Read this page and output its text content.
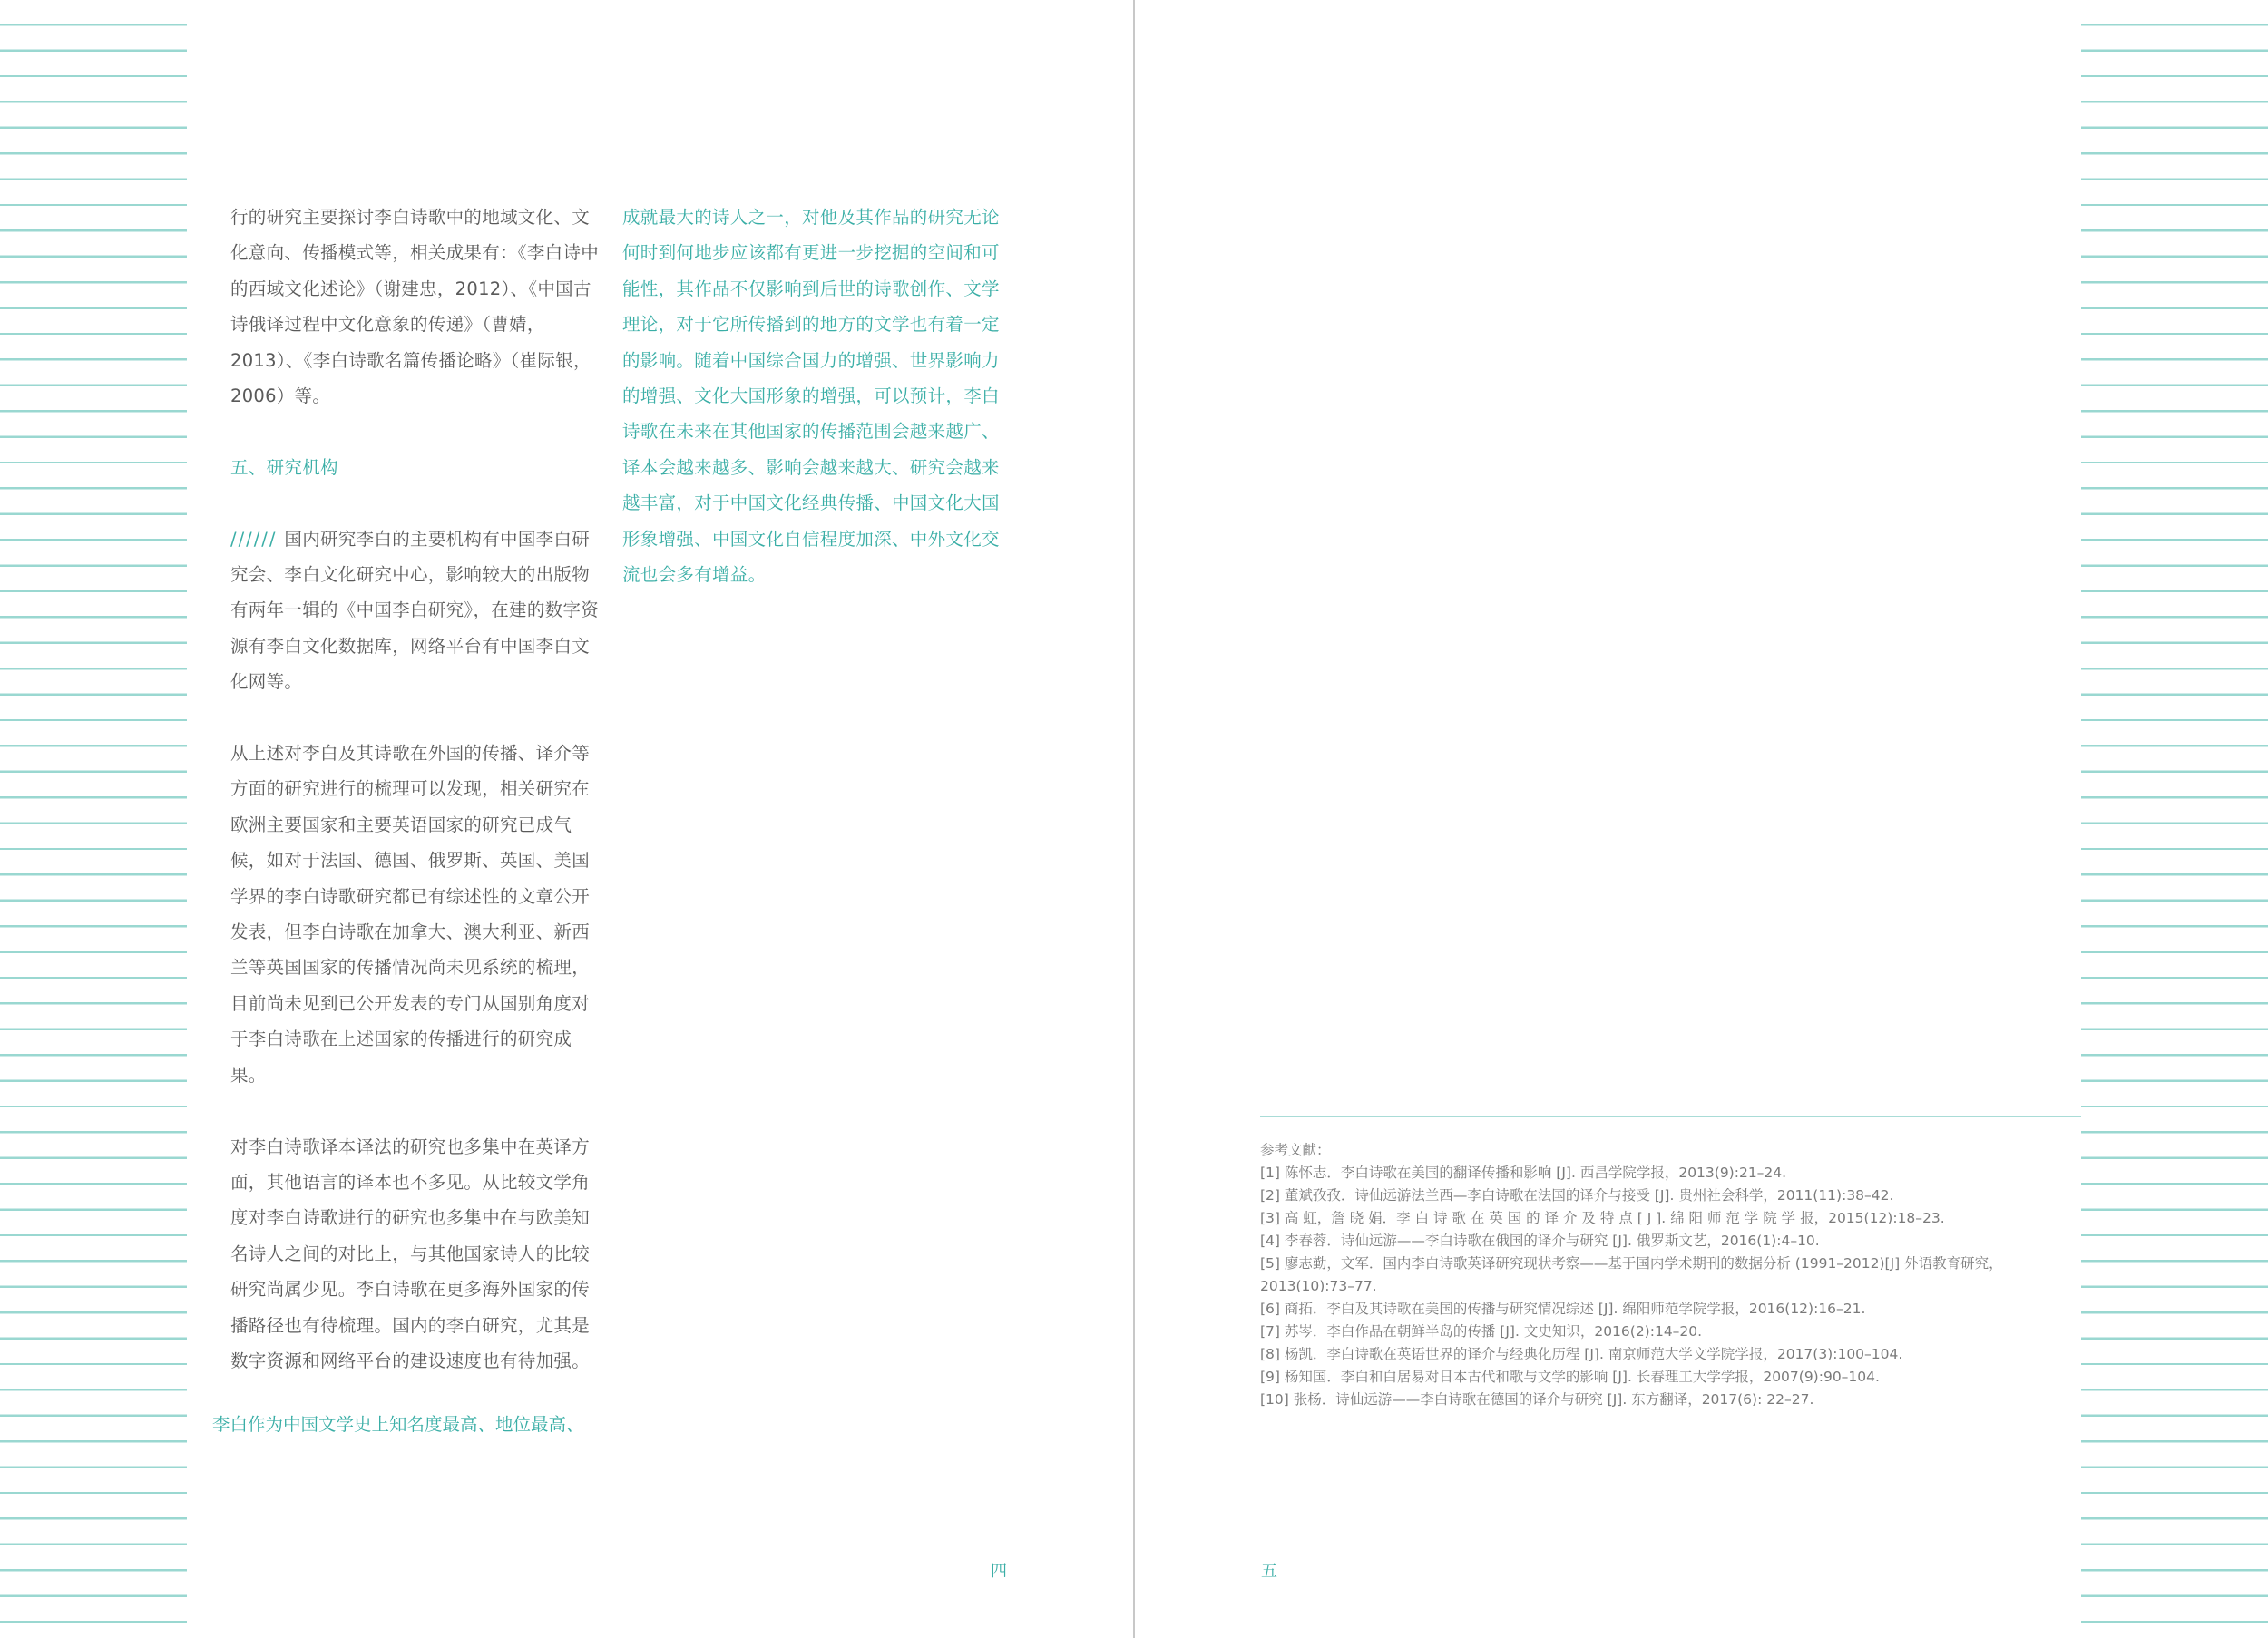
行的研究主要探讨李白诗歌中的地域文化、文化意向、传播模式等，相关成果有：《李白诗中的西域文化述论》（谢建忠，2012）、《中国古诗俄译过程中文化意象的传递》（曹婧，2013）、《李白诗歌名篇传播论略》（崔际银，2006）等。

五、研究机构

////// 国内研究李白的主要机构有中国李白研究会、李白文化研究中心，影响较大的出版物有两年一辑的《中国李白研究》，在建的数字资源有李白文化数据库，网络平台有中国李白文化网等。

从上述对李白及其诗歌在外国的传播、译介等方面的研究进行的梳理可以发现，相关研究在欧洲主要国家和主要英语国家的研究已成气候，如对于法国、德国、俄罗斯、英国、美国学界的李白诗歌研究都已有综述性的文章公开发表，但李白诗歌在加拿大、澳大利亚、新西兰等英国国家的传播情况尚未见系统的梳理，目前尚未见到已公开发表的专门从国别角度对于李白诗歌在上述国家的传播进行的研究成果。

对李白诗歌译本译法的研究也多集中在英译方面，其他语言的译本也不多见。从比较文学角度对李白诗歌进行的研究也多集中在与欧美知名诗人之间的对比上，与其他国家诗人的比较研究尚属少见。李白诗歌在更多海外国家的传播路径也有待梳理。国内的李白研究，尤其是数字资源和网络平台的建设速度也有待加强。

李白作为中国文学史上知名度最高、地位最高、

成就最大的诗人之一，对他及其作品的研究无论何时到何地步应该都有更进一步挖掘的空间和可能性，其作品不仅影响到后世的诗歌创作、文学理论，对于它所传播到的地方的文学也有着一定的影响。随着中国综合国力的增强、世界影响力的增强、文化大国形象的增强，可以预计，李白诗歌在未来在其他国家的传播范围会越来越广、译本会越来越多、影响会越来越大、研究会越来越丰富，对于中国文化经典传播、中国文化大国形象增强、中国文化自信程度加深、中外文化交流也会多有增益。

四	五

参考文献：

[1] 陈怀志．李白诗歌在美国的翻译传播和影响 [J]. 西昌学院学报，2013(9):21–24.

[2] 董斌孜孜．诗仙远游法兰西—李白诗歌在法国的译介与接受 [J]. 贵州社会科学，2011(11):38–42.

[3] 高 虹，詹 晓 娟．李 白 诗 歌 在 英 国 的 译 介 及 特 点 [ J ]. 绵 阳 师 范 学 院 学 报，2015(12):18–23.

[4] 李春蓉．诗仙远游——李白诗歌在俄国的译介与研究 [J]. 俄罗斯文艺，2016(1):4–10.

[5] 廖志勤，文军．国内李白诗歌英译研究现状考察——基于国内学术期刊的数据分析 (1991–2012)[J] 外语教育研究，2013(10):73–77.

[6] 商拓．李白及其诗歌在美国的传播与研究情况综述 [J]. 绵阳师范学院学报，2016(12):16–21.

[7] 苏岑．李白作品在朝鲜半岛的传播 [J]. 文史知识，2016(2):14–20.

[8] 杨凯．李白诗歌在英语世界的译介与经典化历程 [J]. 南京师范大学文学院学报，2017(3):100–104.

[9] 杨知国．李白和白居易对日本古代和歌与文学的影响 [J]. 长春理工大学学报，2007(9):90–104.

[10] 张杨．诗仙远游——李白诗歌在德国的译介与研究 [J]. 东方翻译，2017(6): 22–27.
